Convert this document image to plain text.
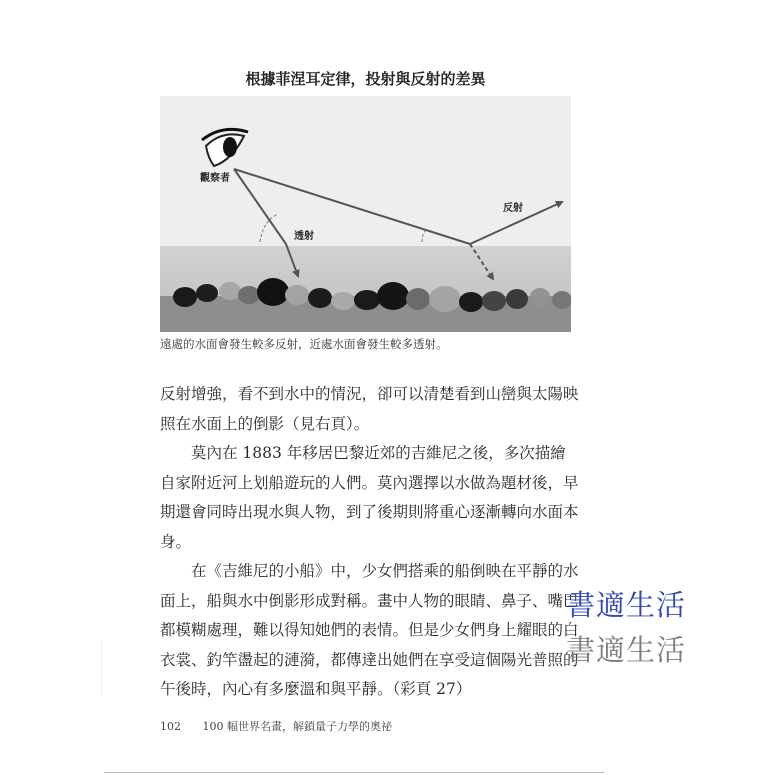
根據菲涅耳定律，投射與反射的差異
觀察者
透射
反射
遠處的水面會發生較多反射，近處水面會發生較多透射。

反射增強，看不到水中的情況，卻可以清楚看到山巒與太陽映照在水面上的倒影（見右頁）。

莫內在 1883 年移居巴黎近郊的吉維尼之後，多次描繪自家附近河上划船遊玩的人們。莫內選擇以水做為題材後，早期還會同時出現水與人物，到了後期則將重心逐漸轉向水面本身。

在《吉維尼的小船》中，少女們搭乘的船倒映在平靜的水面上，船與水中倒影形成對稱。畫中人物的眼睛、鼻子、嘴巴都模糊處理，難以得知她們的表情。但是少女們身上耀眼的白衣裳、釣竿盪起的漣漪，都傳達出她們在享受這個陽光普照的午後時，內心有多麼溫和與平靜。（彩頁 27）

102 100 幅世界名畫，解鎖量子力學的奧祕
書適生活
書適生活
